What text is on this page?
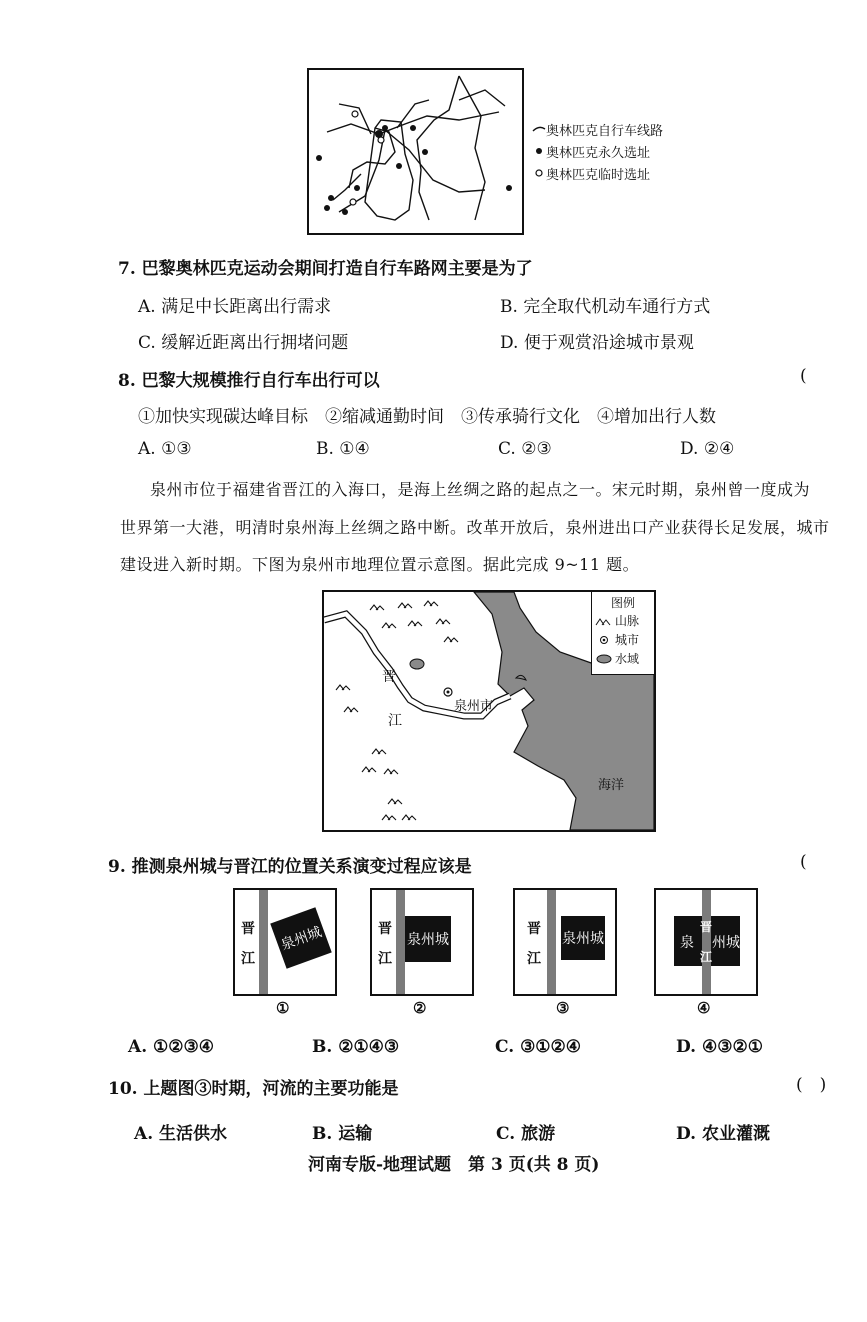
奥林匹克自行车线路
奥林匹克永久选址
奥林匹克临时选址
7. 巴黎奥林匹克运动会期间打造自行车路网主要是为了
A. 满足中长距离出行需求	B. 完全取代机动车通行方式
C. 缓解近距离出行拥堵问题	D. 便于观赏沿途城市景观
8. 巴黎大规模推行自行车出行可以	(
①加快实现碳达峰目标　②缩减通勤时间　③传承骑行文化　④增加出行人数
A. ①③	B. ①④	C. ②③	D. ②④
泉州市位于福建省晋江的入海口，是海上丝绸之路的起点之一。宋元时期，泉州曾一度成为
世界第一大港，明清时泉州海上丝绸之路中断。改革开放后，泉州进出口产业获得长足发展，城市
建设进入新时期。下图为泉州市地理位置示意图。据此完成 9~11 题。
晋
江
泉州市
海洋
图例
山脉
城市
水域
9. 推测泉州城与晋江的位置关系演变过程应该是	(
晋
江
泉州城
①
晋
江
泉州城
②
晋
江
泉州城
③
晋
江
泉 州城
④
A. ①②③④	B. ②①④③	C. ③①②④	D. ④③②①
10. 上题图③时期，河流的主要功能是	(　)
A. 生活供水	B. 运输	C. 旅游	D. 农业灌溉
河南专版-地理试题　第 3 页(共 8 页)
